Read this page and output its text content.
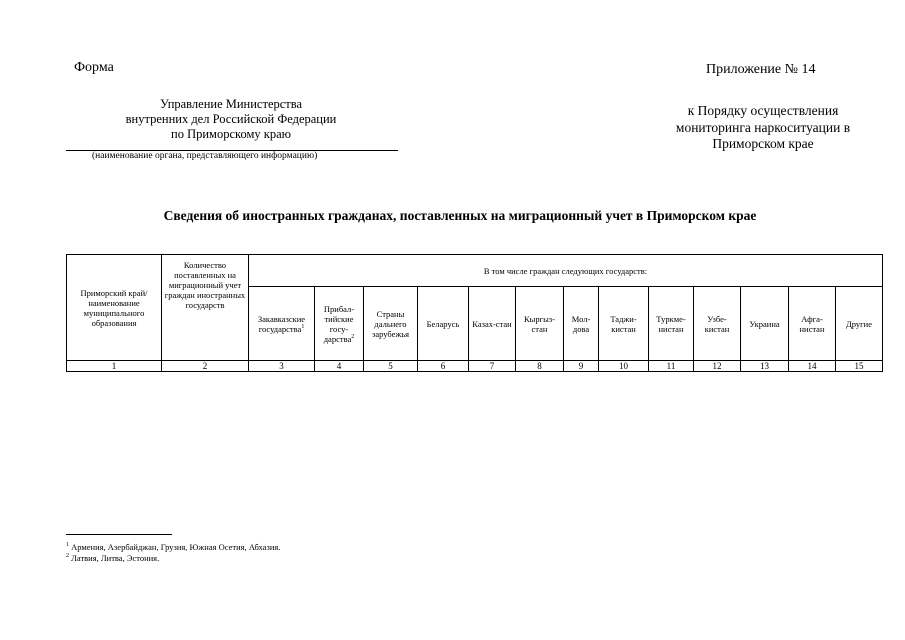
Форма	Приложение № 14
Управление Министерства
внутренних дел Российской Федерации
по Приморскому краю
(наименование органа, представляющего информацию)
к Порядку осуществления
мониторинга наркоситуации в
Приморском крае
Сведения об иностранных гражданах, поставленных на миграционный учет в Приморском крае
Приморский край/ наименование муниципального образования	Количество поставленных на миграционный учет граждан иностранных государств	В том числе граждан следующих государств:												
		Закавказские государства$^1$	Прибал-тийские госу-дарства$^2$	Страны дальнего зарубежья	Беларусь	Казах-стан	Кыргыз-стан	Мол-дова	Таджи-кистан	Туркме-нистан	Узбе-кистан	Украина	Афга-нистан	Другие
1	2	3	4	5	6	7	8	9	10	11	12	13	14	15
$^1$ Армения, Азербайджан, Грузия, Южная Осетия, Абхазия.
$^2$ Латвия, Литва, Эстония.
